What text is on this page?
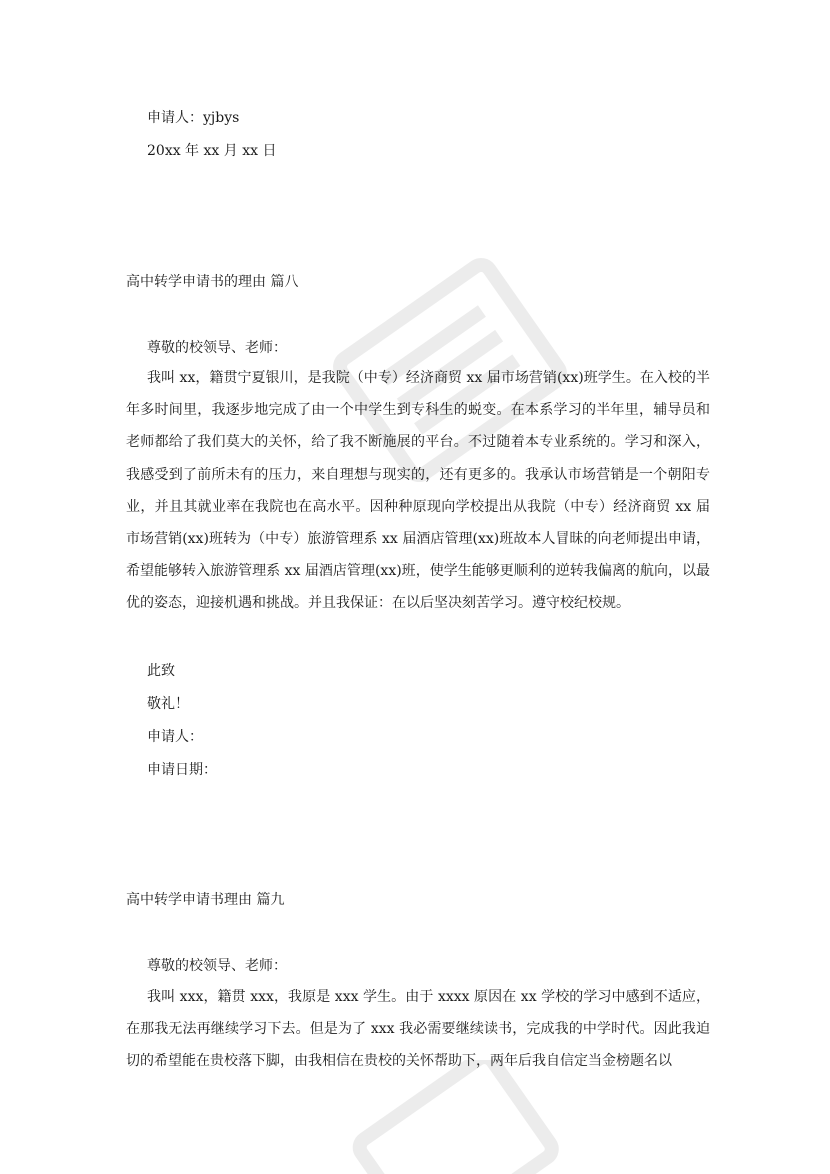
申请人：yjbys
20xx 年 xx 月 xx 日
高中转学申请书的理由 篇八
尊敬的校领导、老师：
我叫 xx，籍贯宁夏银川，是我院（中专）经济商贸 xx 届市场营销(xx)班学生。在入校的半年多时间里，我逐步地完成了由一个中学生到专科生的蜕变。在本系学习的半年里，辅导员和老师都给了我们莫大的关怀，给了我不断施展的平台。不过随着本专业系统的。学习和深入，我感受到了前所未有的压力，来自理想与现实的，还有更多的。我承认市场营销是一个朝阳专业，并且其就业率在我院也在高水平。因种种原现向学校提出从我院（中专）经济商贸 xx 届市场营销(xx)班转为（中专）旅游管理系 xx 届酒店管理(xx)班故本人冒昧的向老师提出申请，希望能够转入旅游管理系 xx 届酒店管理(xx)班，使学生能够更顺利的逆转我偏离的航向，以最优的姿态，迎接机遇和挑战。并且我保证：在以后坚决刻苦学习。遵守校纪校规。
此致
敬礼！
申请人：
申请日期：
高中转学申请书理由 篇九
尊敬的校领导、老师：
我叫 xxx，籍贯 xxx，我原是 xxx 学生。由于 xxxx 原因在 xx 学校的学习中感到不适应，在那我无法再继续学习下去。但是为了 xxx 我必需要继续读书，完成我的中学时代。因此我迫切的希望能在贵校落下脚，由我相信在贵校的关怀帮助下，两年后我自信定当金榜题名以
